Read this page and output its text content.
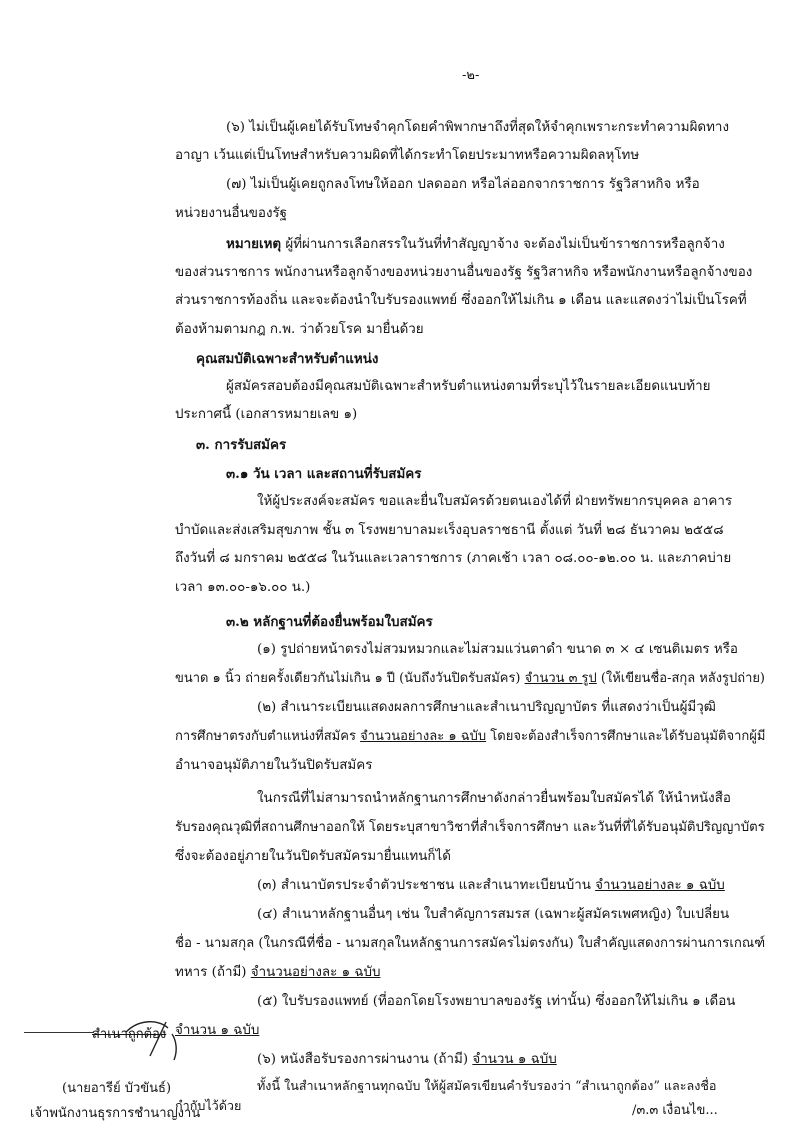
-๒-
(๖) ไม่เป็นผู้เคยได้รับโทษจำคุกโดยคำพิพากษาถึงที่สุดให้จำคุกเพราะกระทำความผิดทาง
อาญา เว้นแต่เป็นโทษสำหรับความผิดที่ได้กระทำโดยประมาทหรือความผิดลหุโทษ
(๗) ไม่เป็นผู้เคยถูกลงโทษให้ออก ปลดออก หรือไล่ออกจากราชการ รัฐวิสาหกิจ หรือ
หน่วยงานอื่นของรัฐ
หมายเหตุ ผู้ที่ผ่านการเลือกสรรในวันที่ทำสัญญาจ้าง จะต้องไม่เป็นข้าราชการหรือลูกจ้าง
ของส่วนราชการ พนักงานหรือลูกจ้างของหน่วยงานอื่นของรัฐ รัฐวิสาหกิจ หรือพนักงานหรือลูกจ้างของ
ส่วนราชการท้องถิ่น และจะต้องนำใบรับรองแพทย์ ซึ่งออกให้ไม่เกิน ๑ เดือน และแสดงว่าไม่เป็นโรคที่
ต้องห้ามตามกฎ ก.พ. ว่าด้วยโรค มายื่นด้วย
คุณสมบัติเฉพาะสำหรับตำแหน่ง
ผู้สมัครสอบต้องมีคุณสมบัติเฉพาะสำหรับตำแหน่งตามที่ระบุไว้ในรายละเอียดแนบท้าย
ประกาศนี้ (เอกสารหมายเลข ๑)
๓. การรับสมัคร
๓.๑ วัน เวลา และสถานที่รับสมัคร
ให้ผู้ประสงค์จะสมัคร ขอและยื่นใบสมัครด้วยตนเองได้ที่ ฝ่ายทรัพยากรบุคคล อาคาร
บำบัดและส่งเสริมสุขภาพ ชั้น ๓ โรงพยาบาลมะเร็งอุบลราชธานี ตั้งแต่ วันที่ ๒๘ ธันวาคม ๒๕๕๘
ถึงวันที่ ๘ มกราคม ๒๕๕๘ ในวันและเวลาราชการ (ภาคเช้า เวลา ๐๘.๐๐-๑๒.๐๐ น. และภาคบ่าย
เวลา ๑๓.๐๐-๑๖.๐๐ น.)
๓.๒ หลักฐานที่ต้องยื่นพร้อมใบสมัคร
(๑) รูปถ่ายหน้าตรงไม่สวมหมวกและไม่สวมแว่นตาดำ ขนาด ๓ × ๔ เซนติเมตร หรือ
ขนาด ๑ นิ้ว ถ่ายครั้งเดียวกันไม่เกิน ๑ ปี (นับถึงวันปิดรับสมัคร) จำนวน ๓ รูป (ให้เขียนชื่อ-สกุล หลังรูปถ่าย)
(๒) สำเนาระเบียนแสดงผลการศึกษาและสำเนาปริญญาบัตร ที่แสดงว่าเป็นผู้มีวุฒิ
การศึกษาตรงกับตำแหน่งที่สมัคร จำนวนอย่างละ ๑ ฉบับ โดยจะต้องสำเร็จการศึกษาและได้รับอนุมัติจากผู้มี
อำนาจอนุมัติภายในวันปิดรับสมัคร
ในกรณีที่ไม่สามารถนำหลักฐานการศึกษาดังกล่าวยื่นพร้อมใบสมัครได้ ให้นำหนังสือ
รับรองคุณวุฒิที่สถานศึกษาออกให้ โดยระบุสาขาวิชาที่สำเร็จการศึกษา และวันที่ที่ได้รับอนุมัติปริญญาบัตร
ซึ่งจะต้องอยู่ภายในวันปิดรับสมัครมายื่นแทนก็ได้
(๓) สำเนาบัตรประจำตัวประชาชน และสำเนาทะเบียนบ้าน จำนวนอย่างละ ๑ ฉบับ
(๔) สำเนาหลักฐานอื่นๆ เช่น ใบสำคัญการสมรส (เฉพาะผู้สมัครเพศหญิง) ใบเปลี่ยน
ชื่อ - นามสกุล (ในกรณีที่ชื่อ - นามสกุลในหลักฐานการสมัครไม่ตรงกัน) ใบสำคัญแสดงการผ่านการเกณฑ์
ทหาร (ถ้ามี) จำนวนอย่างละ ๑ ฉบับ
(๕) ใบรับรองแพทย์ (ที่ออกโดยโรงพยาบาลของรัฐ เท่านั้น) ซึ่งออกให้ไม่เกิน ๑ เดือน
จำนวน ๑ ฉบับ
(๖) หนังสือรับรองการผ่านงาน (ถ้ามี) จำนวน ๑ ฉบับ
ทั้งนี้ ในสำเนาหลักฐานทุกฉบับ ให้ผู้สมัครเขียนคำรับรองว่า “สำเนาถูกต้อง” และลงชื่อ
กำกับไว้ด้วย
สำเนาถูกต้อง
(นายอารีย์ บัวขันธ์)
เจ้าพนักงานธุรการชำนาญงาน	/๓.๓ เงื่อนไข...
